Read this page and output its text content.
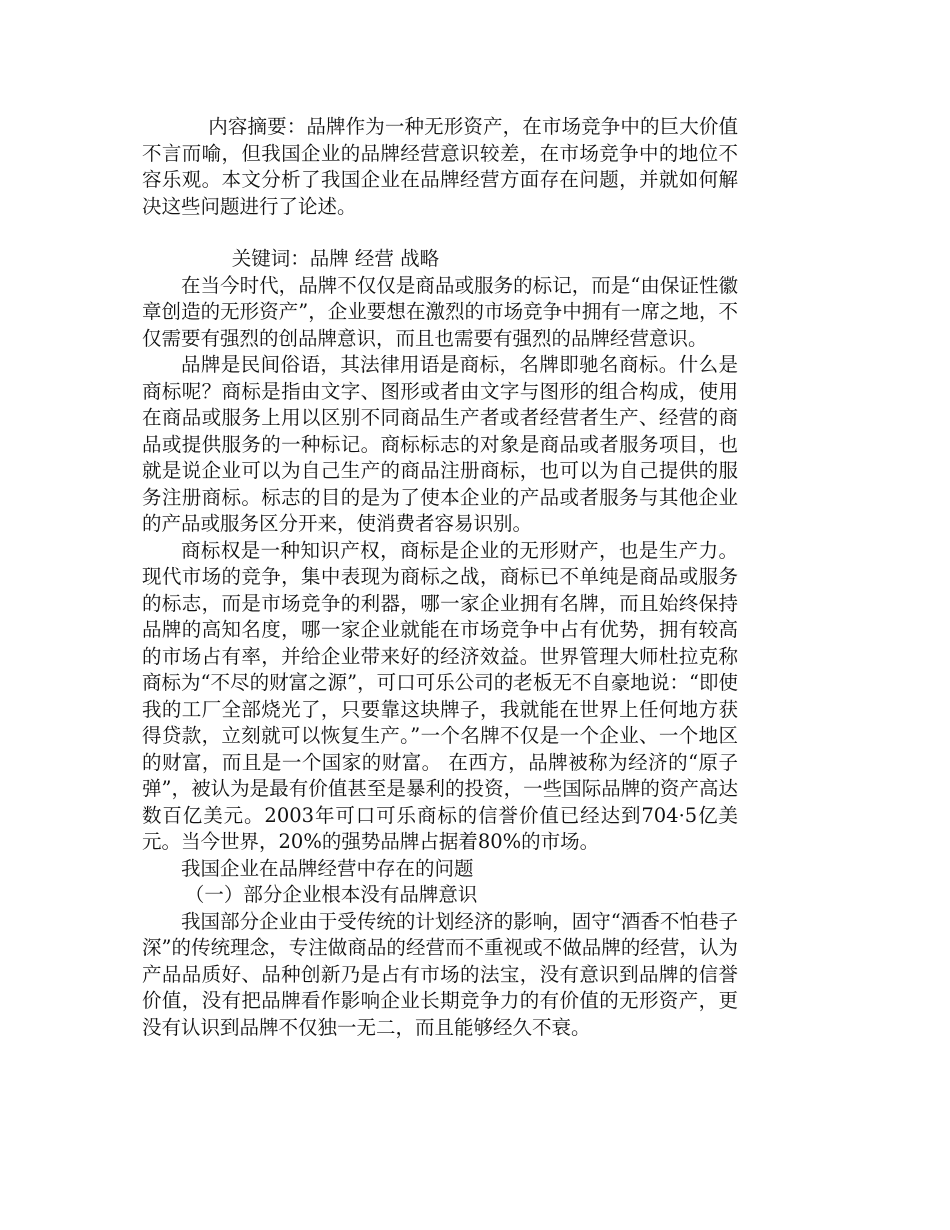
内容摘要：品牌作为一种无形资产，在市场竞争中的巨大价值不言而喻，但我国企业的品牌经营意识较差，在市场竞争中的地位不容乐观。本文分析了我国企业在品牌经营方面存在问题，并就如何解决这些问题进行了论述。

关键词：品牌 经营 战略

在当今时代，品牌不仅仅是商品或服务的标记，而是“由保证性徽章创造的无形资产”，企业要想在激烈的市场竞争中拥有一席之地，不仅需要有强烈的创品牌意识，而且也需要有强烈的品牌经营意识。

品牌是民间俗语，其法律用语是商标，名牌即驰名商标。什么是商标呢？商标是指由文字、图形或者由文字与图形的组合构成，使用在商品或服务上用以区别不同商品生产者或者经营者生产、经营的商品或提供服务的一种标记。商标标志的对象是商品或者服务项目，也就是说企业可以为自己生产的商品注册商标，也可以为自己提供的服务注册商标。标志的目的是为了使本企业的产品或者服务与其他企业的产品或服务区分开来，使消费者容易识别。

商标权是一种知识产权，商标是企业的无形财产，也是生产力。现代市场的竞争，集中表现为商标之战，商标已不单纯是商品或服务的标志，而是市场竞争的利器，哪一家企业拥有名牌，而且始终保持品牌的高知名度，哪一家企业就能在市场竞争中占有优势，拥有较高的市场占有率，并给企业带来好的经济效益。世界管理大师杜拉克称商标为“不尽的财富之源”，可口可乐公司的老板无不自豪地说：“即使我的工厂全部烧光了，只要靠这块牌子，我就能在世界上任何地方获得贷款，立刻就可以恢复生产。”一个名牌不仅是一个企业、一个地区的财富，而且是一个国家的财富。 在西方，品牌被称为经济的“原子弹”，被认为是最有价值甚至是暴利的投资，一些国际品牌的资产高达数百亿美元。2003年可口可乐商标的信誉价值已经达到704·5亿美元。当今世界，20%的强势品牌占据着80%的市场。

我国企业在品牌经营中存在的问题

（一）部分企业根本没有品牌意识

我国部分企业由于受传统的计划经济的影响，固守“酒香不怕巷子深”的传统理念，专注做商品的经营而不重视或不做品牌的经营，认为产品品质好、品种创新乃是占有市场的法宝，没有意识到品牌的信誉价值，没有把品牌看作影响企业长期竞争力的有价值的无形资产，更没有认识到品牌不仅独一无二，而且能够经久不衰。
